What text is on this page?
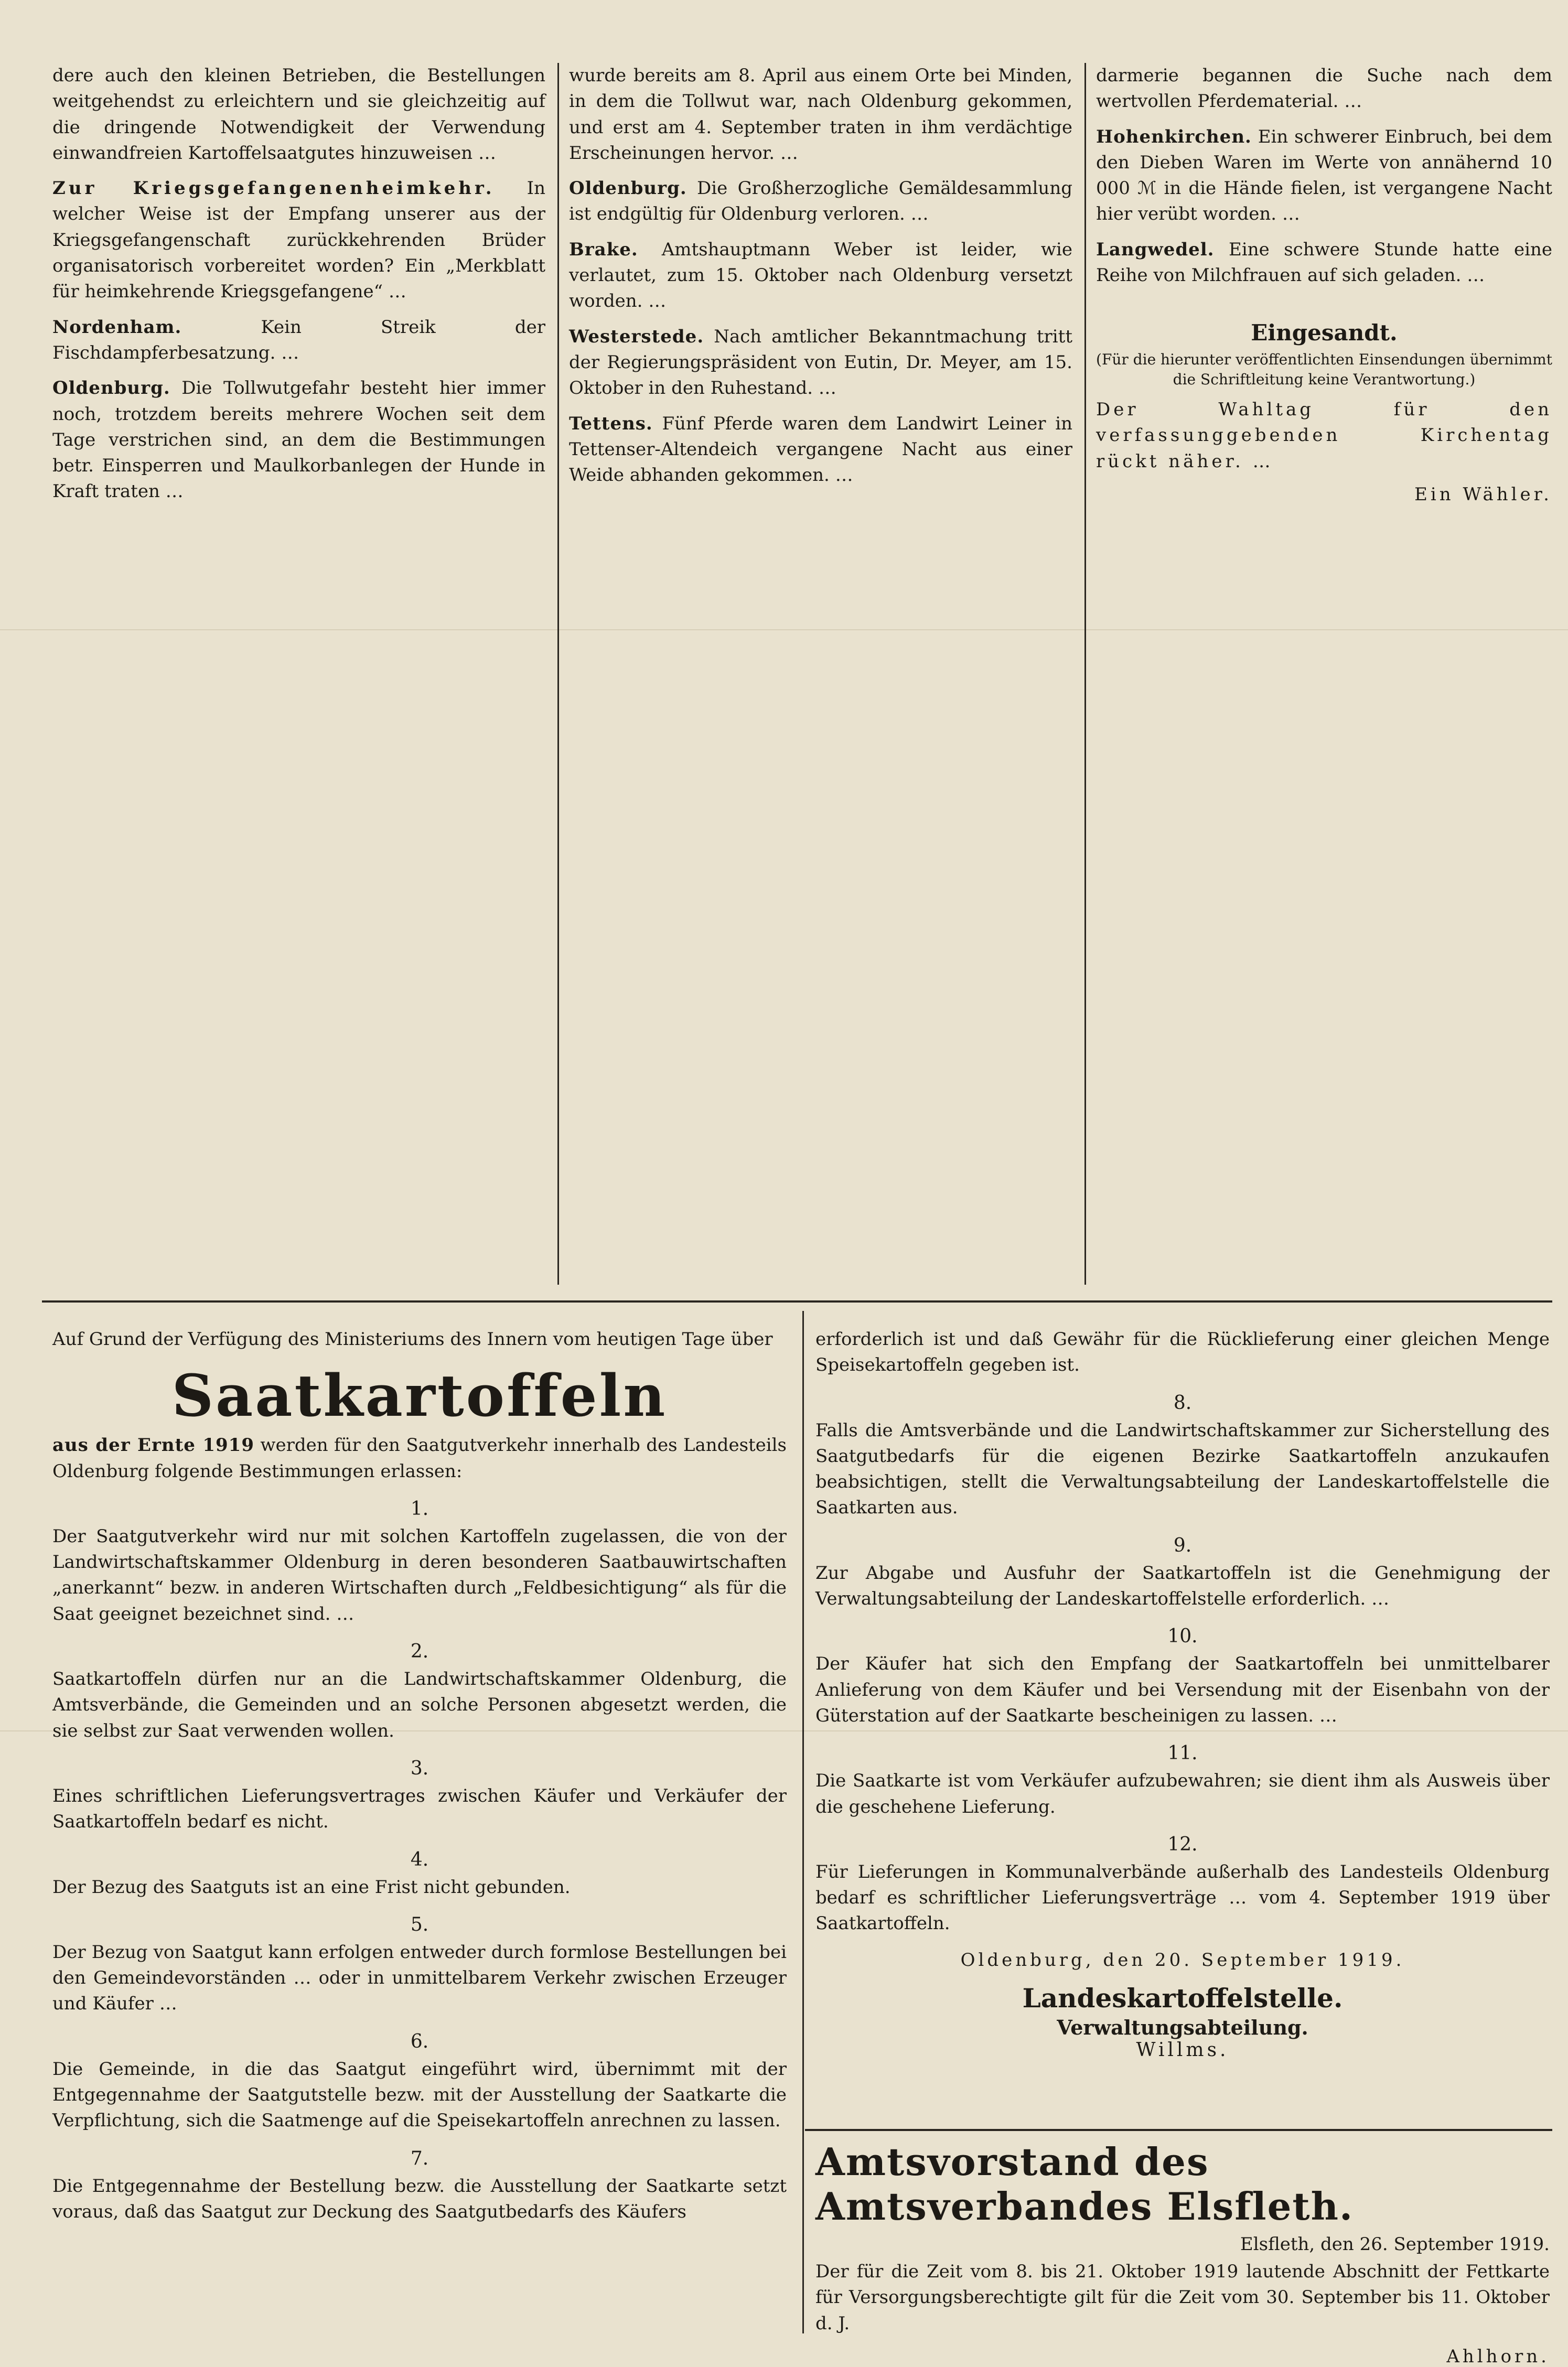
dere auch den kleinen Betrieben, die Bestellungen weitgehendst zu erleichtern und sie gleichzeitig auf die dringende Notwendigkeit der Verwendung einwandfreien Kartoffelsaatgutes hinzuweisen …

Zur Kriegsgefangenenheimkehr. In welcher Weise ist der Empfang unserer aus der Kriegsgefangenschaft zurückkehrenden Brüder organisatorisch vorbereitet worden? Ein „Merkblatt für heimkehrende Kriegsgefangene“ …

Nordenham.	Kein Streik der Fischdampferbesatzung. …

Oldenburg. Die Tollwutgefahr besteht hier immer noch, trotzdem bereits mehrere Wochen seit dem Tage verstrichen sind, an dem die Bestimmungen betr. Einsperren und Maulkorbanlegen der Hunde in Kraft traten …

wurde bereits am 8. April aus einem Orte bei Minden, in dem die Tollwut war, nach Oldenburg gekommen, und erst am 4. September traten in ihm verdächtige Erscheinungen hervor. …

Oldenburg. Die Großherzogliche Gemäldesammlung ist endgültig für Oldenburg verloren. …

Brake. Amtshauptmann Weber ist leider, wie verlautet, zum 15. Oktober nach Oldenburg versetzt worden. …

Westerstede. Nach amtlicher Bekanntmachung tritt der Regierungspräsident von Eutin, Dr. Meyer, am 15. Oktober in den Ruhestand. …

Tettens. Fünf Pferde waren dem Landwirt Leiner in Tettenser-Altendeich vergangene Nacht aus einer Weide abhanden gekommen. …

darmerie begannen die Suche nach dem wertvollen Pferdematerial. …

Hohenkirchen. Ein schwerer Einbruch, bei dem den Dieben Waren im Werte von annähernd 10 000 ℳ in die Hände fielen, ist vergangene Nacht hier verübt worden. …

Langwedel. Eine schwere Stunde hatte eine Reihe von Milchfrauen auf sich geladen. …

Eingesandt.
(Für die hierunter veröffentlichten Einsendungen übernimmt die Schriftleitung keine Verantwortung.)

Der Wahltag für den verfassunggebenden Kirchentag rückt näher. …

Ein Wähler.

Auf Grund der Verfügung des Ministeriums des Innern vom heutigen Tage über

Saatkartoffeln

aus der Ernte 1919 werden für den Saatgutverkehr innerhalb des Landesteils Oldenburg folgende Bestimmungen erlassen:

1.

Der Saatgutverkehr wird nur mit solchen Kartoffeln zugelassen, die von der Landwirtschaftskammer Oldenburg in deren besonderen Saatbauwirtschaften „anerkannt“ bezw. in anderen Wirtschaften durch „Feldbesichtigung“ als für die Saat geeignet bezeichnet sind. …

2.

Saatkartoffeln dürfen nur an die Landwirtschaftskammer Oldenburg, die Amtsverbände, die Gemeinden und an solche Personen abgesetzt werden, die sie selbst zur Saat verwenden wollen.

3.

Eines schriftlichen Lieferungsvertrages zwischen Käufer und Verkäufer der Saatkartoffeln bedarf es nicht.

4.

Der Bezug des Saatguts ist an eine Frist nicht gebunden.

5.

Der Bezug von Saatgut kann erfolgen entweder durch formlose Bestellungen bei den Gemeindevorständen … oder in unmittelbarem Verkehr zwischen Erzeuger und Käufer …

6.

Die Gemeinde, in die das Saatgut eingeführt wird, übernimmt mit der Entgegennahme der Saatgutstelle bezw. mit der Ausstellung der Saatkarte die Verpflichtung, sich die Saatmenge auf die Speisekartoffeln anrechnen zu lassen.

7.

Die Entgegennahme der Bestellung bezw. die Ausstellung der Saatkarte setzt voraus, daß das Saatgut zur Deckung des Saatgutbedarfs des Käufers

erforderlich ist und daß Gewähr für die Rücklieferung einer gleichen Menge Speisekartoffeln gegeben ist.

8.

Falls die Amtsverbände und die Landwirtschaftskammer zur Sicherstellung des Saatgutbedarfs für die eigenen Bezirke Saatkartoffeln anzukaufen beabsichtigen, stellt die Verwaltungsabteilung der Landeskartoffelstelle die Saatkarten aus.

9.

Zur Abgabe und Ausfuhr der Saatkartoffeln ist die Genehmigung der Verwaltungsabteilung der Landeskartoffelstelle erforderlich. …

10.

Der Käufer hat sich den Empfang der Saatkartoffeln bei unmittelbarer Anlieferung von dem Käufer und bei Versendung mit der Eisenbahn von der Güterstation auf der Saatkarte bescheinigen zu lassen. …

11.

Die Saatkarte ist vom Verkäufer aufzubewahren; sie dient ihm als Ausweis über die geschehene Lieferung.

12.

Für Lieferungen in Kommunalverbände außerhalb des Landesteils Oldenburg bedarf es schriftlicher Lieferungsverträge … vom 4. September 1919 über Saatkartoffeln.

Oldenburg, den 20. September 1919.

Landeskartoffelstelle.
Verwaltungsabteilung.
Willms.
Amtsvorstand des Amtsverbandes Elsfleth.
Elsfleth, den 26. September 1919.

Der für die Zeit vom 8. bis 21. Oktober 1919 lautende Abschnitt der Fettkarte für Versorgungsberechtigte gilt für die Zeit vom 30. September bis 11. Oktober d. J.

Ahlhorn.
